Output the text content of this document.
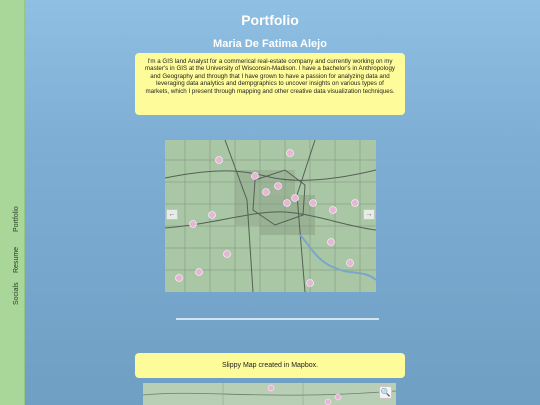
Portfolio
Resume
Socials
Portfolio
Maria De Fatima Alejo

I'm a GIS land Analyst for a commerical real-estate company and currently working on my master's in GIS at the University of Wisconsin-Madison. I have a bachelor's in Anthropology and Geography and through that I have grown to have a passion for analyzing data and leveraging data analytics and dempgraphics to uncover insights on various types of markets, which I present through mapping and other creative data visualization techniques.

←	→
Slippy Map created in Mapbox.
🔍
